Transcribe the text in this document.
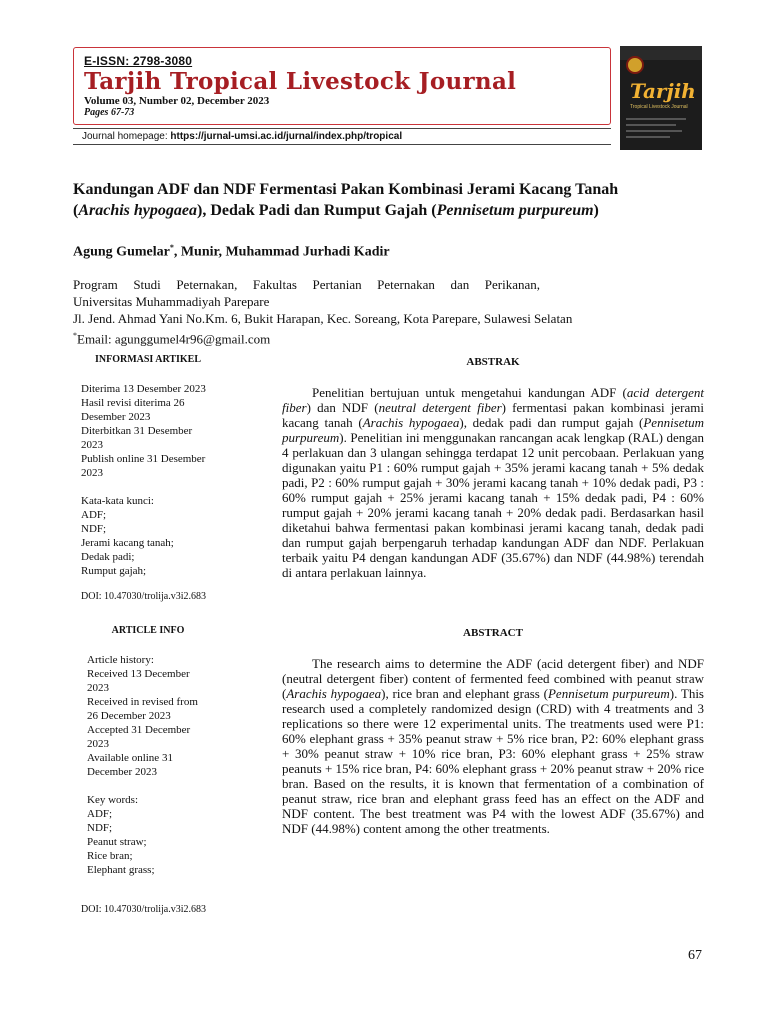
E-ISSN: 2798-3080
Tarjih Tropical Livestock Journal
Volume 03, Number 02, December 2023
Pages 67-73
Tarjih
Tropical Livestock Journal
Journal homepage: https://jurnal-umsi.ac.id/jurnal/index.php/tropical
Kandungan ADF dan NDF Fermentasi Pakan Kombinasi Jerami Kacang Tanah
(Arachis hypogaea), Dedak Padi dan Rumput Gajah (Pennisetum purpureum)
Agung Gumelar*, Munir, Muhammad Jurhadi Kadir
Program Studi Peternakan, Fakultas Pertanian Peternakan dan Perikanan,
Universitas Muhammadiyah Parepare
Jl. Jend. Ahmad Yani No.Km. 6, Bukit Harapan, Kec. Soreang, Kota Parepare, Sulawesi Selatan
*Email: agunggumel4r96@gmail.com
INFORMASI ARTIKEL
Diterima 13 Desember 2023
Hasil revisi diterima 26
Desember 2023
Diterbitkan 31 Desember
2023
Publish online 31 Desember
2023
Kata-kata kunci:
ADF;
NDF;
Jerami kacang tanah;
Dedak padi;
Rumput gajah;
DOI: 10.47030/trolija.v3i2.683
ARTICLE INFO
Article history:
Received 13 December
2023
Received in revised from
26 December 2023
Accepted 31 December
2023
Available online 31
December 2023
Key words:
ADF;
NDF;
Peanut straw;
Rice bran;
Elephant grass;
DOI: 10.47030/trolija.v3i2.683
ABSTRAK

Penelitian bertujuan untuk mengetahui kandungan ADF (acid detergent fiber) dan NDF (neutral detergent fiber) fermentasi pakan kombinasi jerami kacang tanah (Arachis hypogaea), dedak padi dan rumput gajah (Pennisetum purpureum). Penelitian ini menggunakan rancangan acak lengkap (RAL) dengan 4 perlakuan dan 3 ulangan sehingga terdapat 12 unit percobaan. Perlakuan yang digunakan yaitu P1 : 60% rumput gajah + 35% jerami kacang tanah + 5% dedak padi, P2 : 60% rumput gajah + 30% jerami kacang tanah + 10% dedak padi, P3 : 60% rumput gajah + 25% jerami kacang tanah + 15% dedak padi, P4 : 60% rumput gajah + 20% jerami kacang tanah + 20% dedak padi. Berdasarkan hasil diketahui bahwa fermentasi pakan kombinasi jerami kacang tanah, dedak padi dan rumput gajah berpengaruh terhadap kandungan ADF dan NDF. Perlakuan terbaik yaitu P4 dengan kandungan ADF (35.67%) dan NDF (44.98%) terendah di antara perlakuan lainnya.

ABSTRACT

The research aims to determine the ADF (acid detergent fiber) and NDF (neutral detergent fiber) content of fermented feed combined with peanut straw (Arachis hypogaea), rice bran and elephant grass (Pennisetum purpureum). This research used a completely randomized design (CRD) with 4 treatments and 3 replications so there were 12 experimental units. The treatments used were P1: 60% elephant grass + 35% peanut straw + 5% rice bran, P2: 60% elephant grass + 30% peanut straw + 10% rice bran, P3: 60% elephant grass + 25% straw peanuts + 15% rice bran, P4: 60% elephant grass + 20% peanut straw + 20% rice bran. Based on the results, it is known that fermentation of a combination of peanut straw, rice bran and elephant grass feed has an effect on the ADF and NDF content. The best treatment was P4 with the lowest ADF (35.67%) and NDF (44.98%) content among the other treatments.

67
